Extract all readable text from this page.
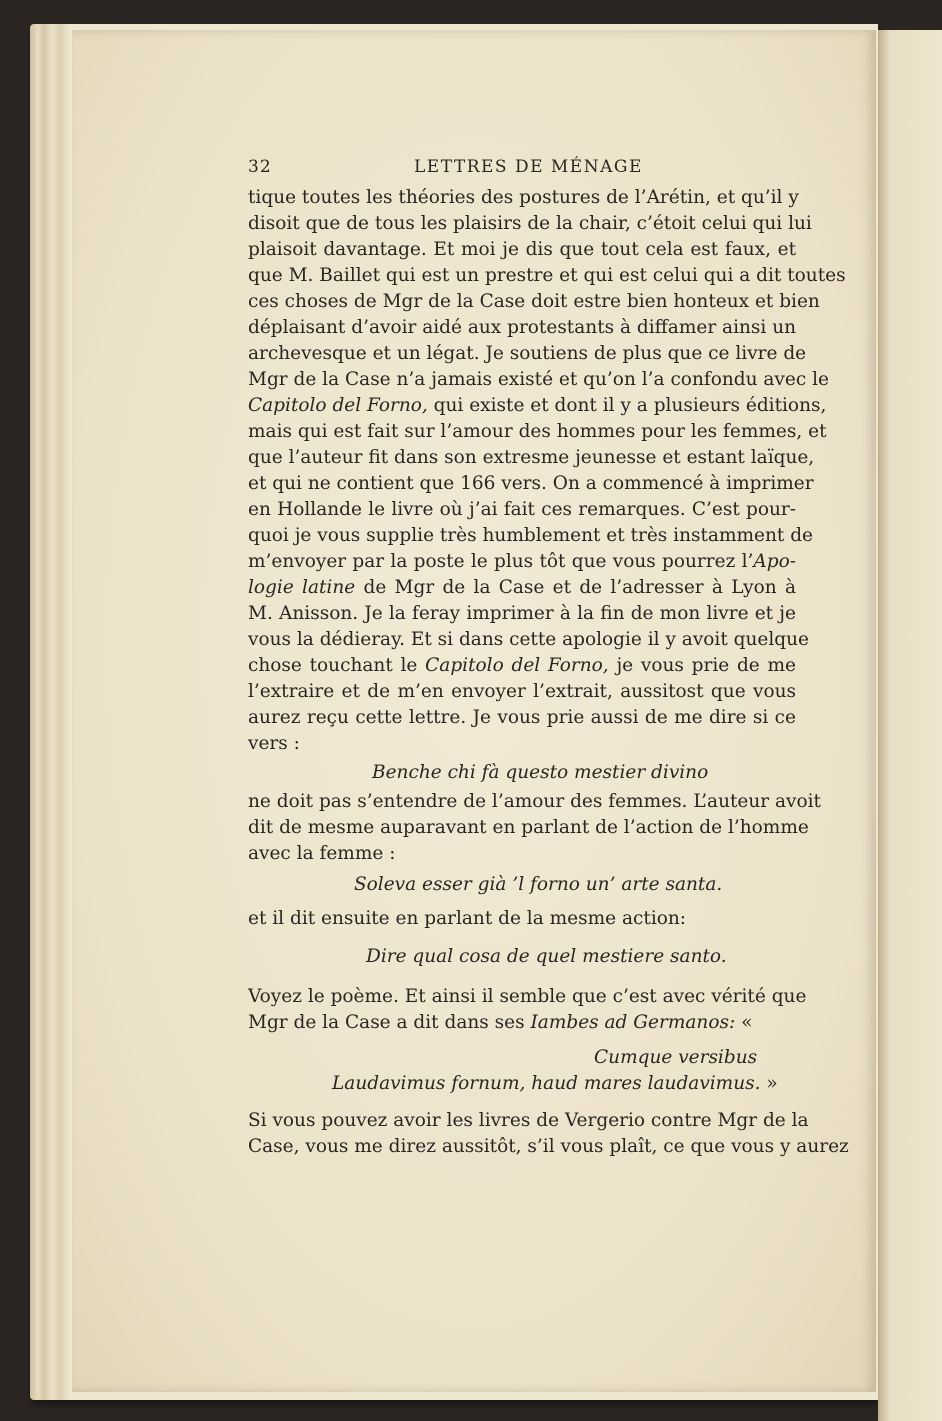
32	LETTRES DE MÉNAGE
tique toutes les théories des postures de l’Arétin, et qu’il y
disoit que de tous les plaisirs de la chair, c’étoit celui qui lui
plaisoit davantage. Et moi je dis que tout cela est faux, et
que M. Baillet qui est un prestre et qui est celui qui a dit toutes
ces choses de Mgr de la Case doit estre bien honteux et bien
déplaisant d’avoir aidé aux protestants à diffamer ainsi un
archevesque et un légat. Je soutiens de plus que ce livre de
Mgr de la Case n’a jamais existé et qu’on l’a confondu avec le
Capitolo del Forno, qui existe et dont il y a plusieurs éditions,
mais qui est fait sur l’amour des hommes pour les femmes, et
que l’auteur fit dans son extresme jeunesse et estant laïque,
et qui ne contient que 166 vers. On a commencé à imprimer
en Hollande le livre où j’ai fait ces remarques. C’est pour-
quoi je vous supplie très humblement et très instamment de
m’envoyer par la poste le plus tôt que vous pourrez l’Apo-
logie latine de Mgr de la Case et de l’adresser à Lyon à
M. Anisson. Je la feray imprimer à la fin de mon livre et je
vous la dédieray. Et si dans cette apologie il y avoit quelque
chose touchant le Capitolo del Forno, je vous prie de me
l’extraire et de m’en envoyer l’extrait, aussitost que vous
aurez reçu cette lettre. Je vous prie aussi de me dire si ce
vers :
Benche chi fà questo mestier divino
ne doit pas s’entendre de l’amour des femmes. L’auteur avoit
dit de mesme auparavant en parlant de l’action de l’homme
avec la femme :
Soleva esser già ’l forno un’ arte santa.
et il dit ensuite en parlant de la mesme action:
Dire qual cosa de quel mestiere santo.
Voyez le poème. Et ainsi il semble que c’est avec vérité que
Mgr de la Case a dit dans ses Iambes ad Germanos: «
Cumque versibus
Laudavimus fornum, haud mares laudavimus. »
Si vous pouvez avoir les livres de Vergerio contre Mgr de la
Case, vous me direz aussitôt, s’il vous plaît, ce que vous y aurez
